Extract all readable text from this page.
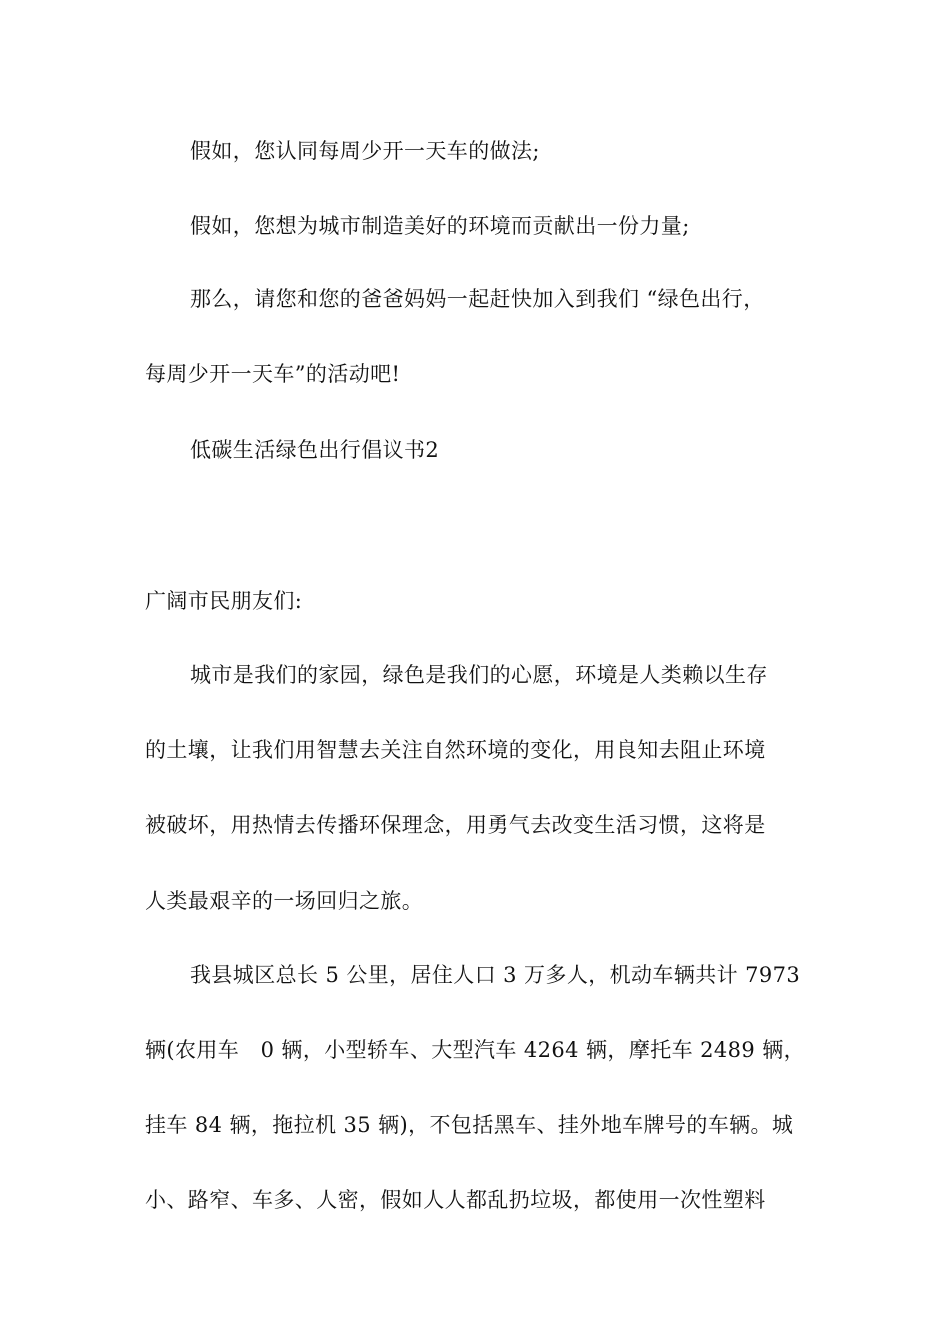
假如，您认同每周少开一天车的做法;
假如，您想为城市制造美好的环境而贡献出一份力量;
那么，请您和您的爸爸妈妈一起赶快加入到我们 “绿色出行，
每周少开一天车”的活动吧!
低碳生活绿色出行倡议书2
广阔市民朋友们:
城市是我们的家园，绿色是我们的心愿，环境是人类赖以生存
的土壤，让我们用智慧去关注自然环境的变化，用良知去阻止环境
被破坏，用热情去传播环保理念，用勇气去改变生活习惯，这将是
人类最艰辛的一场回归之旅。
我县城区总长 5 公里，居住人口 3 万多人，机动车辆共计 7973
辆(农用车　0 辆，小型轿车、大型汽车 4264 辆，摩托车 2489 辆，
挂车 84 辆，拖拉机 35 辆)，不包括黑车、挂外地车牌号的车辆。城
小、路窄、车多、人密，假如人人都乱扔垃圾，都使用一次性塑料
